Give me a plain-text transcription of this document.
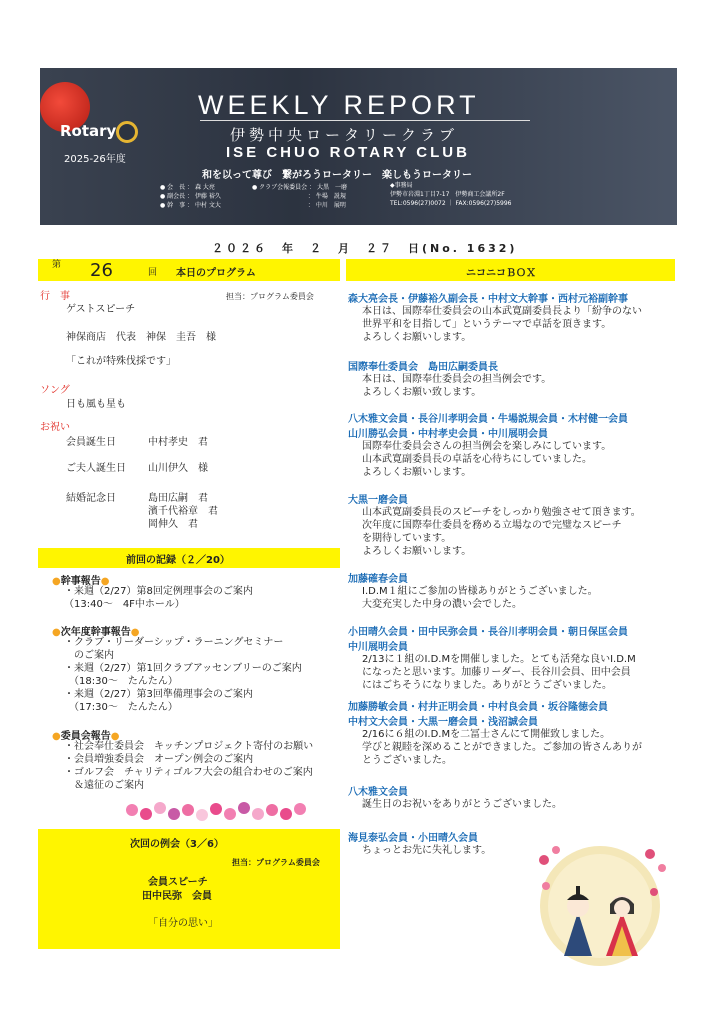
Rotary
2025-26年度
WEEKLY REPORT
伊勢中央ロータリークラブ
ISE CHUO ROTARY CLUB
和を以って尊び　繋がろうロータリー　楽しもうロータリー
● 会　長 ： 森 大亮
● 副会長 ： 伊藤 裕久
● 幹　事 ： 中村 文大
● クラブ会報委員会 ： 大黒　一磨
　　　　　　　　　 ： 牛場　説規
　　　　　　　　　 ： 中川　展明
◆事務局
伊勢市岩淵1丁目7-17　伊勢商工会議所2F
TEL:0596(27)0072 ｜ FAX:0596(27)5996
２０２６　年　２　月　２７　日(No. 1632)
第 26	回 本日のプログラム
行　事	担当：プログラム委員会
ゲストスピーチ
神保商店　代表　神保　圭吾　様
「これが特殊伐採です」
ソング
日も風も星も
お祝い
会員誕生日	中村孝史　君
ご夫人誕生日 山川伊久　様
結婚記念日	島田広嗣　君
濱千代裕章　君
岡伸久　君
前回の記録（２／20）
●幹事報告●
・来週（2/27）第8回定例理事会のご案内
（13:40～　4F中ホール）
●次年度幹事報告●
・クラブ・リーダーシップ・ラーニングセミナー
　のご案内
・来週（2/27）第1回クラブアッセンブリーのご案内
　（18:30～　たんたん）
・来週（2/27）第3回準備理事会のご案内
　（17:30～　たんたん）
●委員会報告●
・社会奉仕委員会　キッチンプロジェクト寄付のお願い
・会員増強委員会　オープン例会のご案内
・ゴルフ会　チャリティゴルフ大会の組合わせのご案内
　＆遠征のご案内
次回の例会（3／6）
担当：プログラム委員会
会員スピーチ
田中民弥　会員
「自分の思い」
ニコニコＢＯＸ
森大亮会長・伊藤裕久副会長・中村文大幹事・西村元裕副幹事
本日は、国際奉仕委員会の山本武寛副委員長より「紛争のない
世界平和を目指して」というテーマで卓話を頂きます。
よろしくお願いします。
国際奉仕委員会　島田広嗣委員長
本日は、国際奉仕委員会の担当例会です。
よろしくお願い致します。
八木雅文会員・長谷川孝明会員・牛場説規会員・木村健一会員
山川勝弘会員・中村孝史会員・中川展明会員
国際奉仕委員会さんの担当例会を楽しみにしています。
山本武寛副委員長の卓話を心待ちにしていました。
よろしくお願いします。
大黒一磨会員
山本武寛副委員長のスピーチをしっかり勉強させて頂きます。
次年度に国際奉仕委員を務める立場なので完璧なスピーチ
を期待しています。
よろしくお願いします。
加藤確春会員
I.D.M１組にご参加の皆様ありがとうございました。
大変充実した中身の濃い会でした。
小田晴久会員・田中民弥会員・長谷川孝明会員・朝日保匡会員
中川展明会員
2/13に１組のI.D.Mを開催しました。とても活発な良いI.D.M
になったと思います。加藤リーダー、長谷川会員、田中会員
にはごちそうになりました。ありがとうございました。
加藤勝敏会員・村井正明会員・中村良会員・坂谷隆徳会員
中村文大会員・大黒一磨会員・浅沼誠会員
2/16に６組のI.D.Mを二冨士さんにて開催致しました。
学びと親睦を深めることができました。ご参加の皆さんありが
とうございました。
八木雅文会員
誕生日のお祝いをありがとうございました。
海見泰弘会員・小田晴久会員
ちょっとお先に失礼します。
